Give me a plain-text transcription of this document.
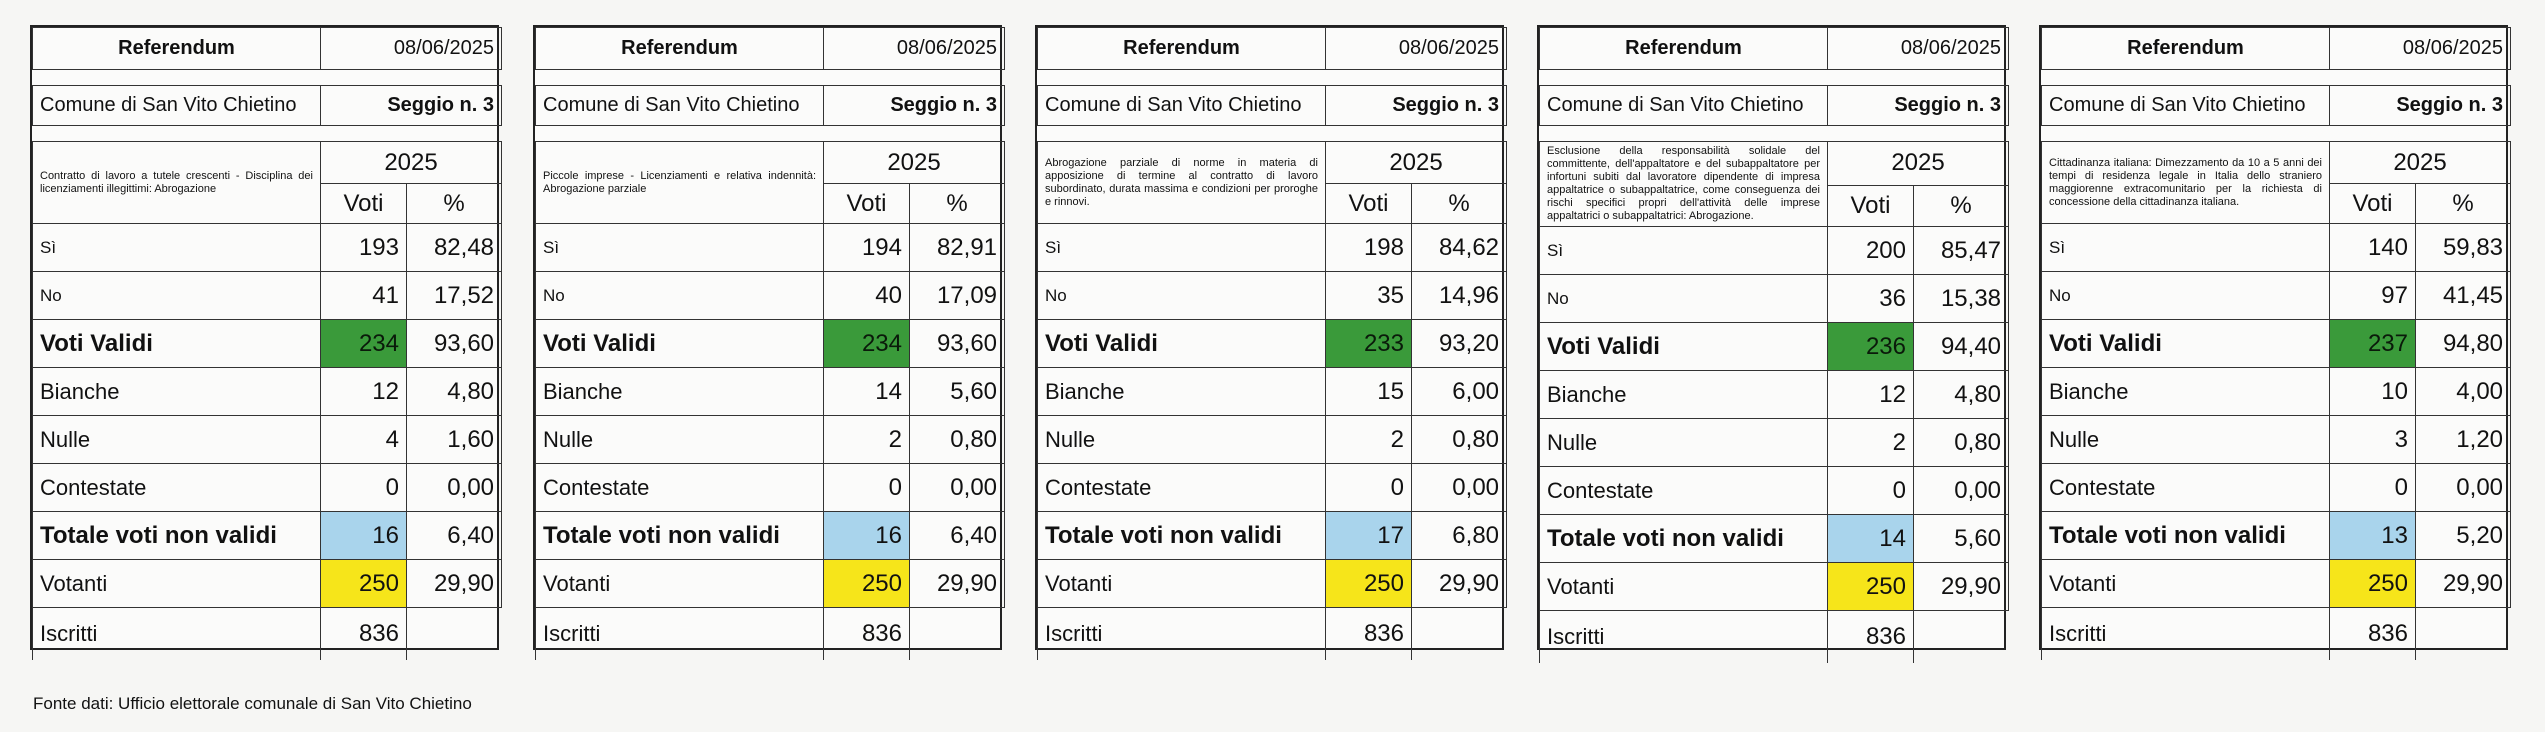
Referendum	08/06/2025	

Comune di San Vito Chietino	Seggio n. 3	

Contratto di lavoro a tutele crescenti - Disciplina dei licenziamenti illegittimi: Abrogazione	2025	
	Voti	%
Sì	193	82,48
No	41	17,52
Voti Validi	234	93,60
Bianche	12	4,80
Nulle	4	1,60
Contestate	0	0,00
Totale voti non validi	16	6,40
Votanti	250	29,90
Iscritti	836	
Referendum	08/06/2025	

Comune di San Vito Chietino	Seggio n. 3	

Piccole imprese - Licenziamenti e relativa indennità: Abrogazione parziale	2025	
	Voti	%
Sì	194	82,91
No	40	17,09
Voti Validi	234	93,60
Bianche	14	5,60
Nulle	2	0,80
Contestate	0	0,00
Totale voti non validi	16	6,40
Votanti	250	29,90
Iscritti	836	
Referendum	08/06/2025	

Comune di San Vito Chietino	Seggio n. 3	

Abrogazione parziale di norme in materia di apposizione di termine al contratto di lavoro subordinato, durata massima e condizioni per proroghe e rinnovi.	2025	
	Voti	%
Sì	198	84,62
No	35	14,96
Voti Validi	233	93,20
Bianche	15	6,00
Nulle	2	0,80
Contestate	0	0,00
Totale voti non validi	17	6,80
Votanti	250	29,90
Iscritti	836	
Referendum	08/06/2025	

Comune di San Vito Chietino	Seggio n. 3	

Esclusione della responsabilità solidale del committente, dell'appaltatore e del subappaltatore per infortuni subiti dal lavoratore dipendente di impresa appaltatrice o subappaltatrice, come conseguenza dei rischi specifici propri dell'attività delle imprese appaltatrici o subappaltatrici: Abrogazione.	2025	
	Voti	%
Sì	200	85,47
No	36	15,38
Voti Validi	236	94,40
Bianche	12	4,80
Nulle	2	0,80
Contestate	0	0,00
Totale voti non validi	14	5,60
Votanti	250	29,90
Iscritti	836	
Referendum	08/06/2025	

Comune di San Vito Chietino	Seggio n. 3	

Cittadinanza italiana: Dimezzamento da 10 a 5 anni dei tempi di residenza legale in Italia dello straniero maggiorenne extracomunitario per la richiesta di concessione della cittadinanza italiana.	2025	
	Voti	%
Sì	140	59,83
No	97	41,45
Voti Validi	237	94,80
Bianche	10	4,00
Nulle	3	1,20
Contestate	0	0,00
Totale voti non validi	13	5,20
Votanti	250	29,90
Iscritti	836	
Fonte dati: Ufficio elettorale comunale di San Vito Chietino
